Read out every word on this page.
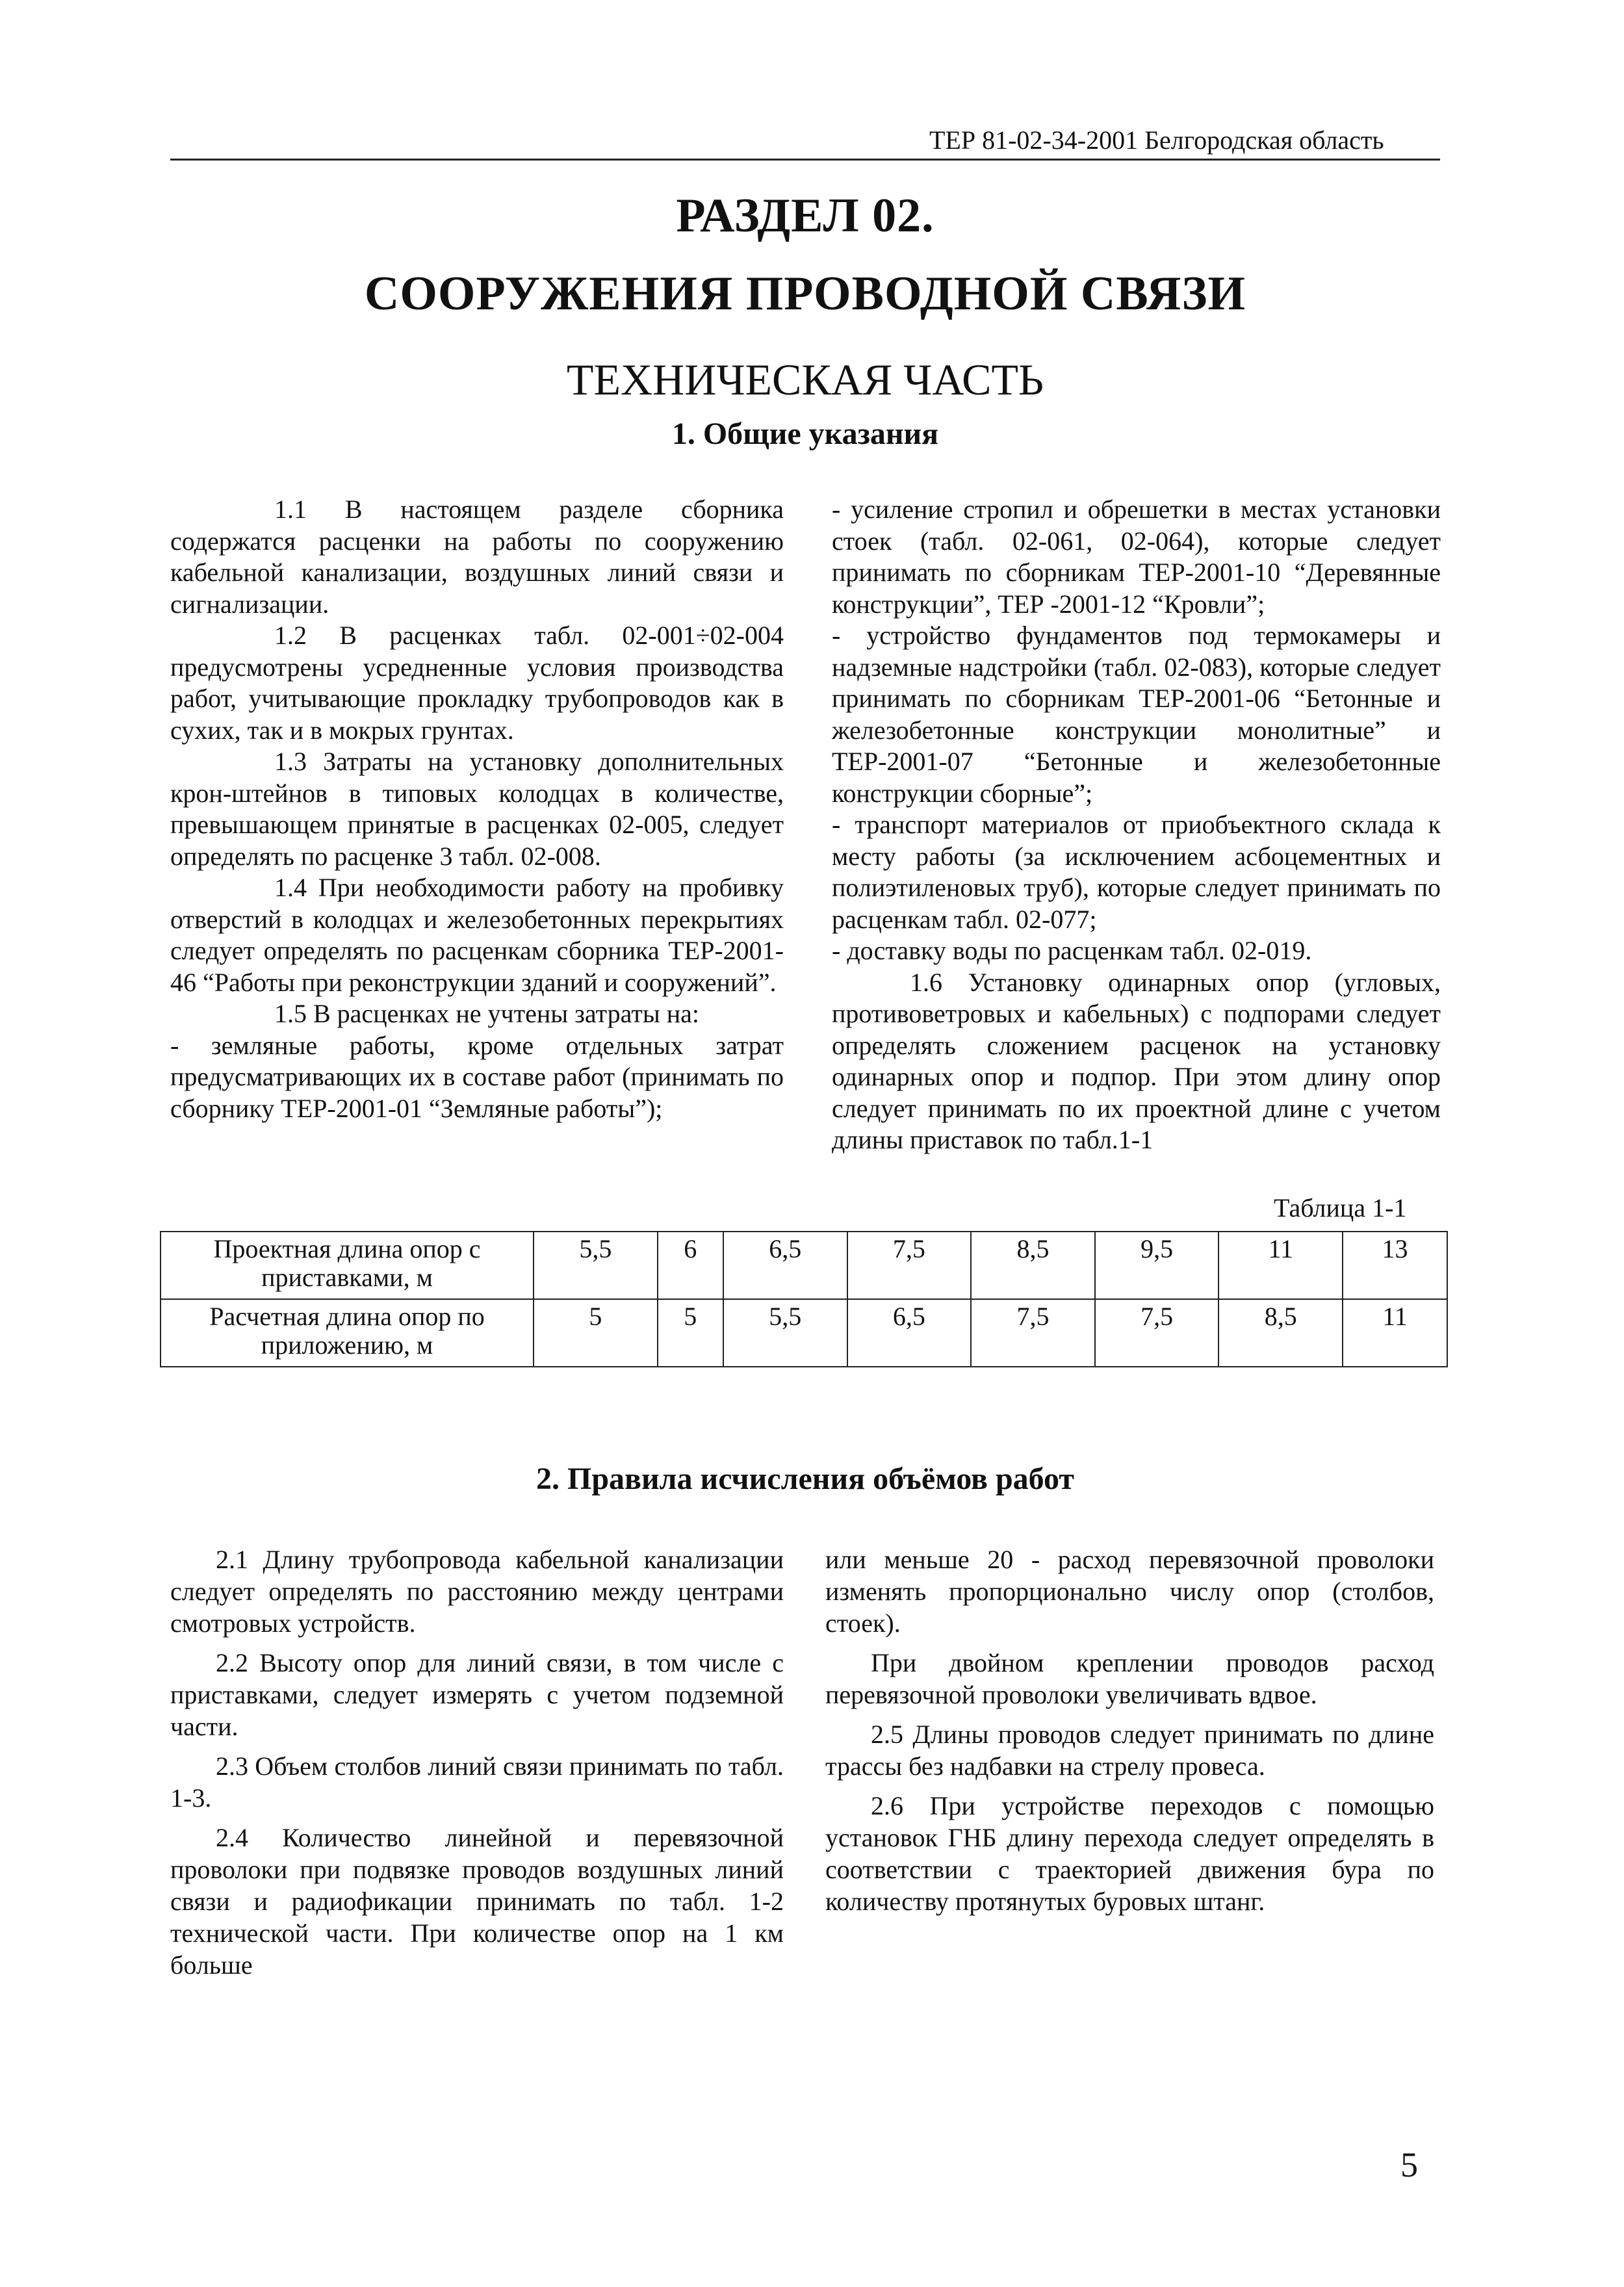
ТЕР 81-02-34-2001 Белгородская область
РАЗДЕЛ 02.
СООРУЖЕНИЯ ПРОВОДНОЙ СВЯЗИ
ТЕХНИЧЕСКАЯ ЧАСТЬ
1. Общие указания

1.1 В настоящем разделе сборника содержатся расценки на работы по сооружению кабельной канализации, воздушных линий связи и сигнализации.

1.2 В расценках табл. 02-001÷02-004 предусмотрены усредненные условия производства работ, учитывающие прокладку трубопроводов как в сухих, так и в мокрых грунтах.

1.3 Затраты на установку дополнительных крон-штейнов в типовых колодцах в количестве, превышающем принятые в расценках 02-005, следует определять по расценке 3 табл. 02-008.

1.4 При необходимости работу на пробивку отверстий в колодцах и железобетонных перекрытиях следует определять по расценкам сборника ТЕР-2001-46 “Работы при реконструкции зданий и сооружений”.

1.5 В расценках не учтены затраты на:

- земляные работы, кроме отдельных затрат предусматривающих их в составе работ (принимать по сборнику ТЕР-2001-01 “Земляные работы”);

- усиление стропил и обрешетки в местах установки стоек (табл. 02-061, 02-064), которые следует принимать по сборникам ТЕР-2001-10 “Деревянные конструкции”, ТЕР -2001-12 “Кровли”;

- устройство фундаментов под термокамеры и надземные надстройки (табл. 02-083), которые следует принимать по сборникам ТЕР-2001-06 “Бетонные и железобетонные конструкции монолитные” и ТЕР-2001-07 “Бетонные и железобетонные конструкции сборные”;

- транспорт материалов от приобъектного склада к месту работы (за исключением асбоцементных и полиэтиленовых труб), которые следует принимать по расценкам табл. 02-077;

- доставку воды по расценкам табл. 02-019.

1.6 Установку одинарных опор (угловых, противоветровых и кабельных) с подпорами следует определять сложением расценок на установку одинарных опор и подпор. При этом длину опор следует принимать по их проектной длине с учетом длины приставок по табл.1-1

Таблица 1-1
Проектная длина опор с приставками, м	5,5	6	6,5	7,5	8,5	9,5	11	13
Расчетная длина опор по приложению, м	5	5	5,5	6,5	7,5	7,5	8,5	11
2. Правила исчисления объёмов работ

2.1 Длину трубопровода кабельной канализации следует определять по расстоянию между центрами смотровых устройств.

2.2 Высоту опор для линий связи, в том числе с приставками, следует измерять с учетом подземной части.

2.3 Объем столбов линий связи принимать по табл. 1-3.

2.4 Количество линейной и перевязочной проволоки при подвязке проводов воздушных линий связи и радиофикации принимать по табл. 1-2 технической части. При количестве опор на 1 км больше

или меньше 20 - расход перевязочной проволоки изменять пропорционально числу опор (столбов, стоек).

При двойном креплении проводов расход перевязочной проволоки увеличивать вдвое.

2.5 Длины проводов следует принимать по длине трассы без надбавки на стрелу провеса.

2.6 При устройстве переходов с помощью установок ГНБ длину перехода следует определять в соответствии с траекторией движения бура по количеству протянутых буровых штанг.

5
